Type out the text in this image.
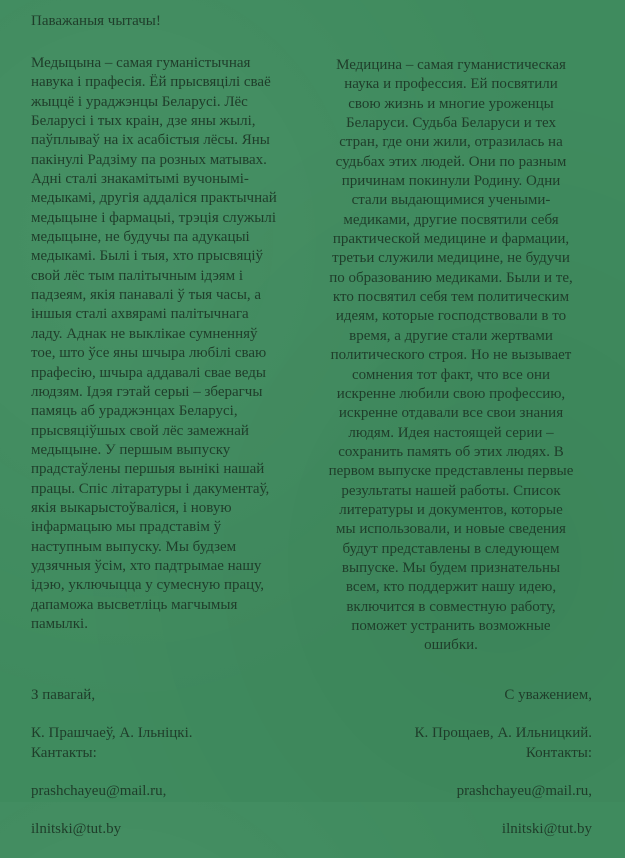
Паважаныя чытачы!
Медыцына – самая гуманістычная
навука і прафесія. Ёй прысвяцілі сваё
жыццё і ураджэнцы Беларусі. Лёс
Беларусі і тых краін, дзе яны жылі,
паўплываў на іх асабістыя лёсы. Яны
пакінулі Радзіму па розных матывах.
Адні сталі знакамітымі вучонымі-
медыкамі, другія аддаліся практычнай
медыцыне і фармацыі, трэція служылі
медыцыне, не будучы па адукацыі
медыкамі. Былі і тыя, хто прысвяціў
свой лёс тым палітычным ідэям і
падзеям, якія панавалі ў тыя часы, а
іншыя сталі ахвярамі палітычнага
ладу. Аднак не выклікае сумненняў
тое, што ўсе яны шчыра любілі сваю
прафесію, шчыра аддавалі свае веды
людзям. Ідэя гэтай серыі – зберагчы
памяць аб ураджэнцах Беларусі,
прысвяціўшых свой лёс замежнай
медыцыне. У першым выпуску
прадстаўлены першыя вынікі нашай
працы. Спіс літаратуры і дакументаў,
якія выкарыстоўваліся, і новую
інфармацыю мы прадставім ў
наступным выпуску. Мы будзем
удзячныя ўсім, хто падтрымае нашу
ідэю, уключыцца у сумесную працу,
дапаможа высветліць магчымыя
памылкі.
Медицина – самая гуманистическая
наука и профессия. Ей посвятили
свою жизнь и многие уроженцы
Беларуси. Судьба Беларуси и тех
стран, где они жили, отразилась на
судьбах этих людей. Они по разным
причинам покинули Родину. Одни
стали выдающимися учеными-
медиками, другие посвятили себя
практической медицине и фармации,
третьи служили медицине, не будучи
по образованию медиками. Были и те,
кто посвятил себя тем политическим
идеям, которые господствовали в то
время, а другие стали жертвами
политического строя. Но не вызывает
сомнения тот факт, что все они
искренне любили свою профессию,
искренне отдавали все свои знания
людям. Идея настоящей серии –
сохранить память об этих людях. В
первом выпуске представлены первые
результаты нашей работы. Список
литературы и документов, которые
мы использовали, и новые сведения
будут представлены в следующем
выпуске. Мы будем признательны
всем, кто поддержит нашу идею,
включится в совместную работу,
поможет устранить возможные
ошибки.

З павагай,

К. Прашчаеў, А. Ільніцкі.

Кантакты:

prashchayeu@mail.ru,

ilnitski@tut.by

С уважением,

К. Прощаев, А. Ильницкий.

Контакты:

prashchayeu@mail.ru,

ilnitski@tut.by
